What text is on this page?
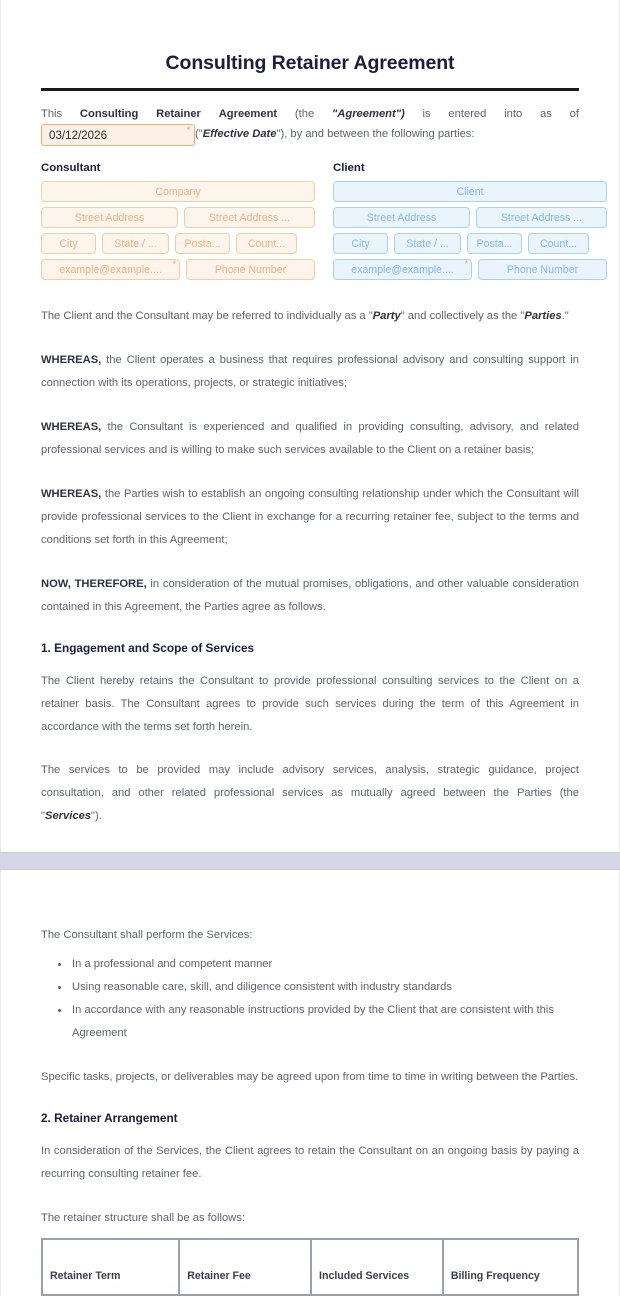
Consulting Retainer Agreement
This Consulting Retainer Agreement (the "Agreement") is entered into as of
03/12/2026	* ("Effective Date"), by and between the following parties:
Consultant
Company
Street Address	Street Address ...
City	State / ...	Posta...	Count...
example@example.... *	Phone Number
Client
Client
Street Address	Street Address ...
City	State / ...	Posta...	Count...
example@example.... *	Phone Number

The Client and the Consultant may be referred to individually as a "Party" and collectively as the "Parties."

WHEREAS, the Client operates a business that requires professional advisory and consulting support in connection with its operations, projects, or strategic initiatives;

WHEREAS, the Consultant is experienced and qualified in providing consulting, advisory, and related professional services and is willing to make such services available to the Client on a retainer basis;

WHEREAS, the Parties wish to establish an ongoing consulting relationship under which the Consultant will provide professional services to the Client in exchange for a recurring retainer fee, subject to the terms and conditions set forth in this Agreement;

NOW, THEREFORE, in consideration of the mutual promises, obligations, and other valuable consideration contained in this Agreement, the Parties agree as follows.

1. Engagement and Scope of Services

The Client hereby retains the Consultant to provide professional consulting services to the Client on a retainer basis. The Consultant agrees to provide such services during the term of this Agreement in accordance with the terms set forth herein.

The services to be provided may include advisory services, analysis, strategic guidance, project consultation, and other related professional services as mutually agreed between the Parties (the "Services").

The Consultant shall perform the Services:

• In a professional and competent manner
• Using reasonable care, skill, and diligence consistent with industry standards
• In accordance with any reasonable instructions provided by the Client that are consistent with this Agreement

Specific tasks, projects, or deliverables may be agreed upon from time to time in writing between the Parties.

2. Retainer Arrangement

In consideration of the Services, the Client agrees to retain the Consultant on an ongoing basis by paying a recurring consulting retainer fee.

The retainer structure shall be as follows:

Retainer Term	Retainer Fee	Included Services	Billing Frequency
